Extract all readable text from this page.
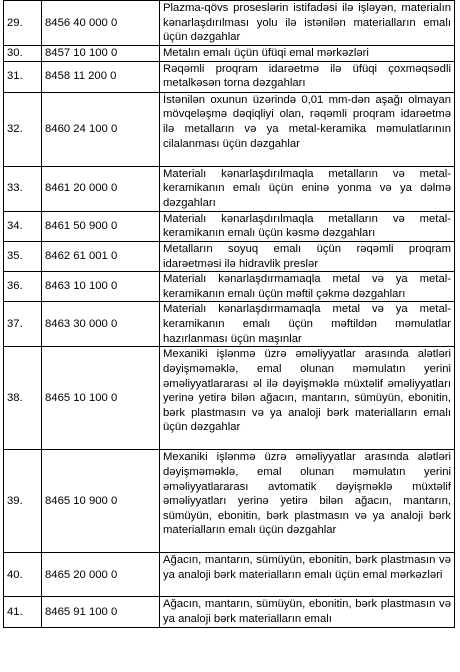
29.	8456 40 000 0	Plazma-qövs proseslərin istifadəsi ilə işləyən, materialın kənarlaşdırılması yolu ilə istənilən materialların emalı üçün dəzgahlar
30.	8457 10 100 0	Metalın emalı üçün üfüqi emal mərkəzləri
31.	8458 11 200 0	Rəqəmli proqram idarəetmə ilə üfüqi çoxməqsədli metalkəsən torna dəzgahları
32.	8460 24 100 0	İstənilən oxunun üzərində 0,01 mm-dən aşağı olmayan mövqeləşmə dəqiqliyi olan, rəqəmli proqram idarəetmə ilə metalların və ya metal-keramika məmulatlarının cilalanması üçün dəzgahlar
33.	8461 20 000 0	Materialı kənarlaşdırılmaqla metalların və metal-keramikanın emalı üçün eninə yonma və ya dəlmə dəzgahları
34.	8461 50 900 0	Materialı kənarlaşdırılmaqla metalların və metal-keramikanın emalı üçün kəsmə dəzgahları
35.	8462 61 001 0	Metalların soyuq emalı üçün rəqəmli proqram idarəetməsi ilə hidravlik preslər
36.	8463 10 100 0	Materialı kənarlaşdırmamaqla metal və ya metal-keramikanın emalı üçün məftil çəkmə dəzgahları
37.	8463 30 000 0	Materialı kənarlaşdırmamaqla metal və ya metal-keramikanın emalı üçün məftildən məmulatlar hazırlanması üçün maşınlar
38.	8465 10 100 0	Mexaniki işlənmə üzrə əməliyyatlar arasında alətləri dəyişməməklə, emal olunan məmulatın yerini əməliyyatlararası əl ilə dəyişməklə müxtəlif əməliyyatları yerinə yetirə bilən ağacın, mantarın, sümüyün, ebonitin, bərk plastmasın və ya analoji bərk materialların emalı üçün dəzgahlar
39.	8465 10 900 0	Mexaniki işlənmə üzrə əməliyyatlar arasında alətləri dəyişməməklə, emal olunan məmulatın yerini əməliyyatlararası avtomatik dəyişməklə müxtəlif əməliyyatları yerinə yetirə bilən ağacın, mantarın, sümüyün, ebonitin, bərk plastmasın və ya analoji bərk materialların emalı üçün dəzgahlar
40.	8465 20 000 0	Ağacın, mantarın, sümüyün, ebonitin, bərk plastmasın və ya analoji bərk materialların emalı üçün emal mərkəzləri
41.	8465 91 100 0	Ağacın, mantarın, sümüyün, ebonitin, bərk plastmasın və ya analoji bərk materialların emalı
